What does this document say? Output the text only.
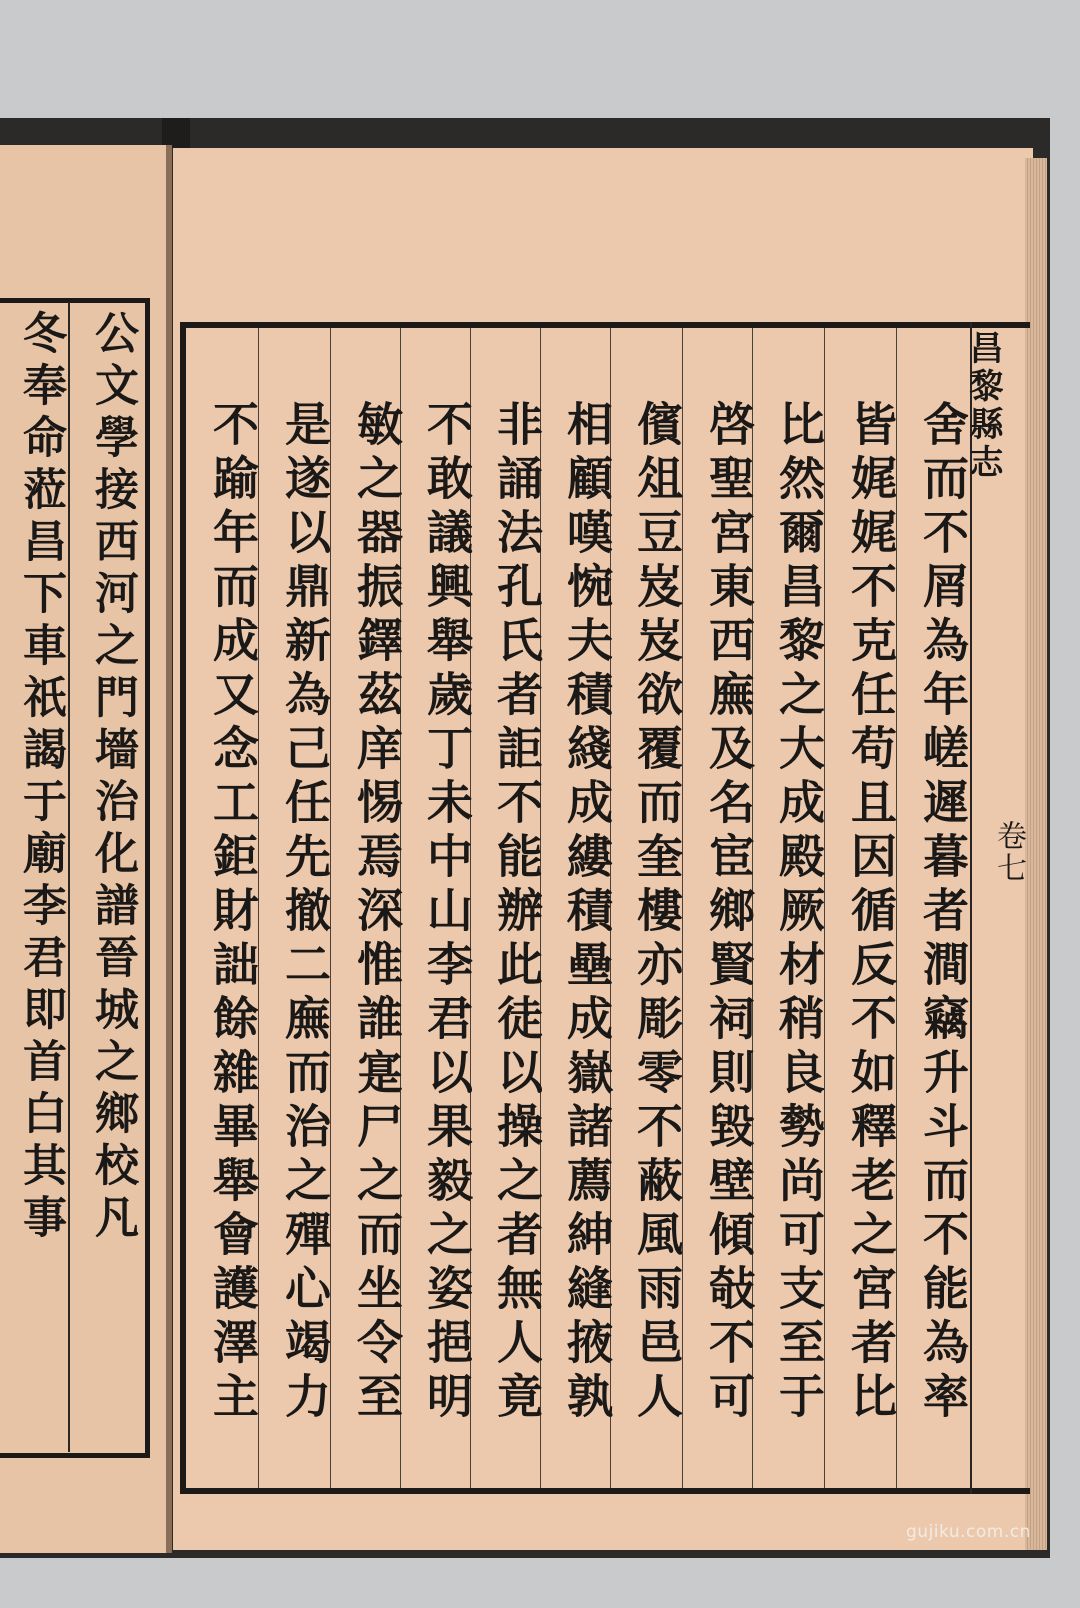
公文學接西河之門墻治化譜晉城之鄉校凡
冬奉命蒞昌下車祇謁于廟李君即首白其事	昌黎縣志
卷七
舍而不屑為年嵯遲暮者澗竊升斗而不能為率
皆娓娓不克任苟且因循反不如釋老之宮者比
比然爾昌黎之大成殿厥材稍良勢尚可支至于
啓聖宮東西廡及名宦鄉賢祠則毀壁傾敧不可
儐俎豆岌岌欲覆而奎樓亦彫零不蔽風雨邑人
相顧嘆惋夫積綫成縷積壘成嶽諸薦紳縫掖孰
非誦法孔氏者詎不能辦此徒以操之者無人竟
不敢議興舉歲丁未中山李君以果毅之姿挹明
敏之器振鐸茲庠惕焉深惟誰寔尸之而坐令至
是遂以鼎新為己任先撤二廡而治之殫心竭力
不踰年而成又念工鉅財詘餘雜畢舉會護澤主
gujiku.com.cn
